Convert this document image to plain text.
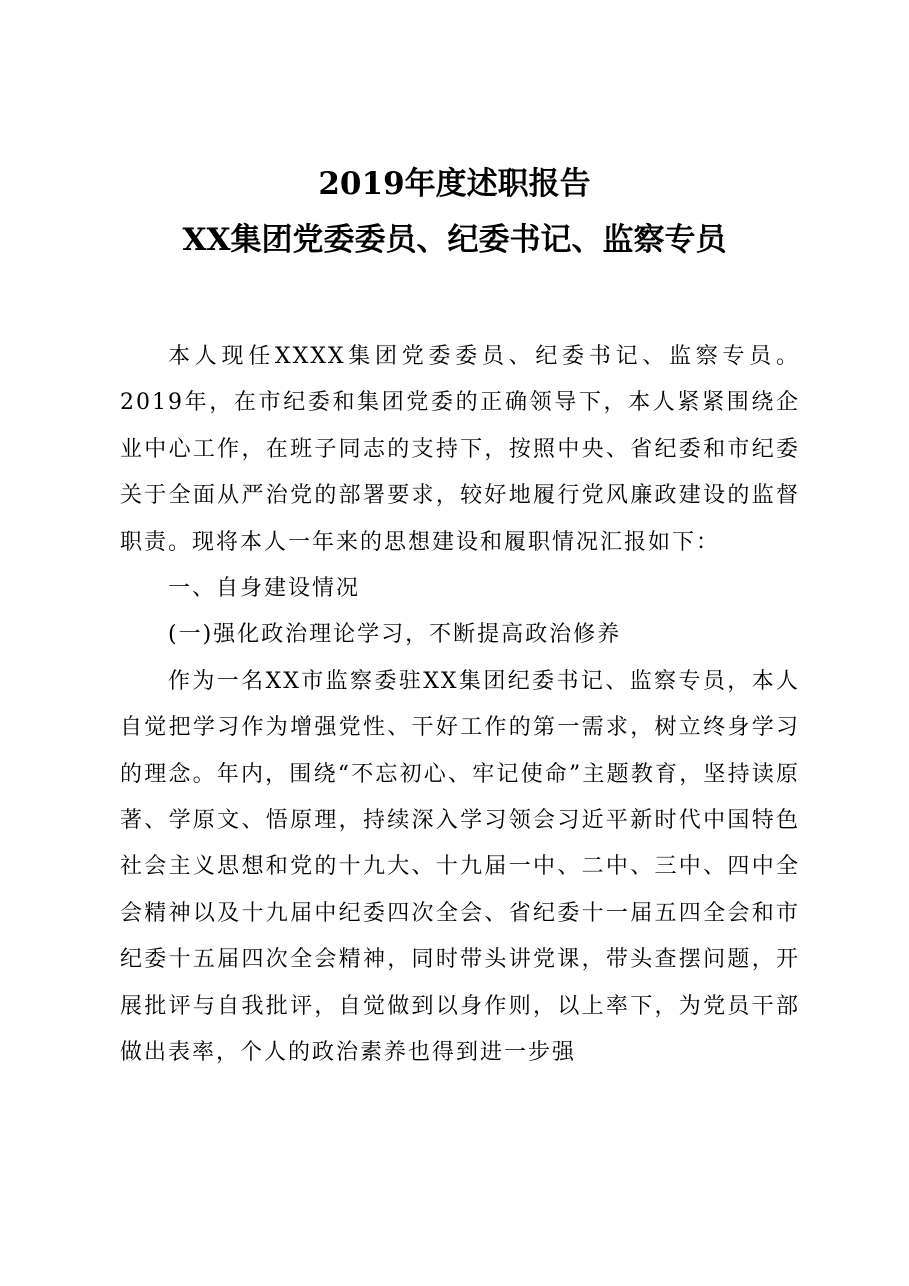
2019年度述职报告
XX集团党委委员、纪委书记、监察专员

本人现任XXXX集团党委委员、纪委书记、监察专员。2019年，在市纪委和集团党委的正确领导下，本人紧紧围绕企业中心工作，在班子同志的支持下，按照中央、省纪委和市纪委关于全面从严治党的部署要求，较好地履行党风廉政建设的监督职责。现将本人一年来的思想建设和履职情况汇报如下：

一、自身建设情况

(一)强化政治理论学习，不断提高政治修养

作为一名XX市监察委驻XX集团纪委书记、监察专员，本人自觉把学习作为增强党性、干好工作的第一需求，树立终身学习的理念。年内，围绕“不忘初心、牢记使命”主题教育，坚持读原著、学原文、悟原理，持续深入学习领会习近平新时代中国特色社会主义思想和党的十九大、十九届一中、二中、三中、四中全会精神以及十九届中纪委四次全会、省纪委十一届五四全会和市纪委十五届四次全会精神，同时带头讲党课，带头查摆问题，开展批评与自我批评，自觉做到以身作则，以上率下，为党员干部做出表率，个人的政治素养也得到进一步强
